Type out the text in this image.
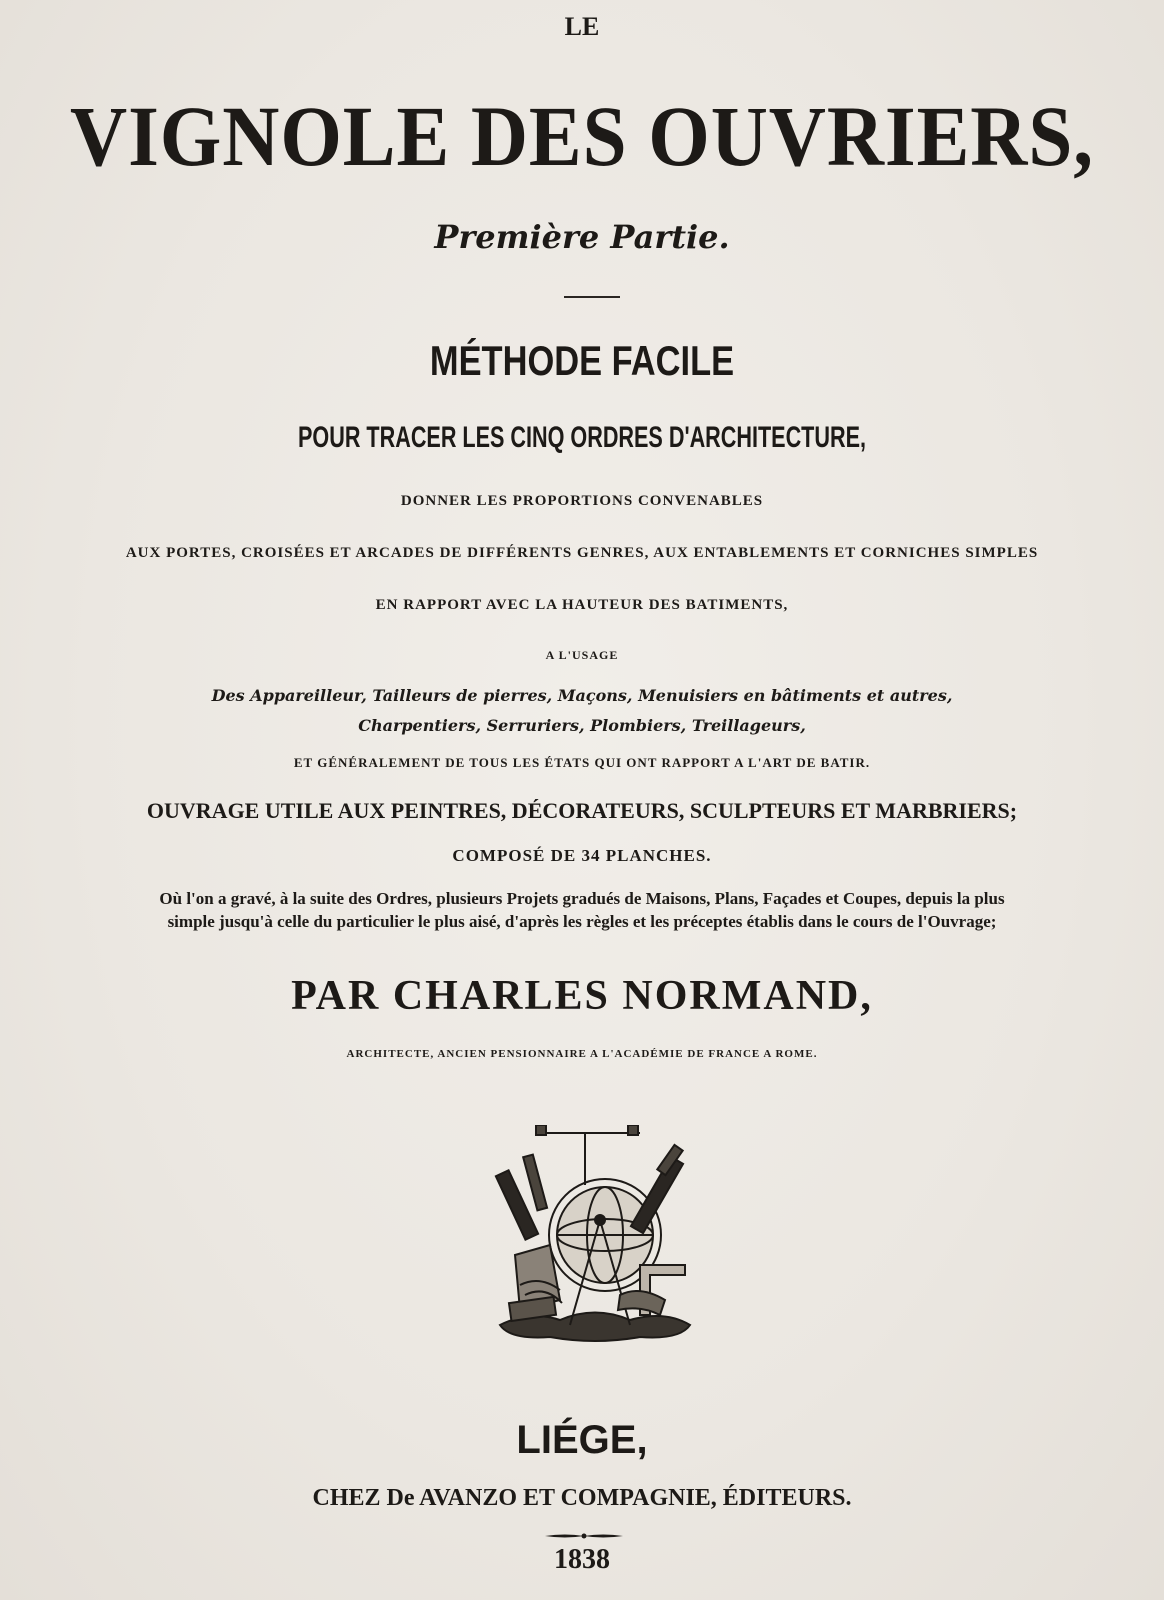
LE
VIGNOLE DES OUVRIERS,
Première Partie.
MÉTHODE FACILE
POUR TRACER LES CINQ ORDRES D'ARCHITECTURE,
DONNER LES PROPORTIONS CONVENABLES
AUX PORTES, CROISÉES ET ARCADES DE DIFFÉRENTS GENRES, AUX ENTABLEMENTS ET CORNICHES SIMPLES
EN RAPPORT AVEC LA HAUTEUR DES BATIMENTS,
A L'USAGE
Des Appareilleur, Tailleurs de pierres, Maçons, Menuisiers en bâtiments et autres,
Charpentiers, Serruriers, Plombiers, Treillageurs,
ET GÉNÉRALEMENT DE TOUS LES ÉTATS QUI ONT RAPPORT A L'ART DE BATIR.
OUVRAGE UTILE AUX PEINTRES, DÉCORATEURS, SCULPTEURS ET MARBRIERS;
COMPOSÉ DE 34 PLANCHES.
Où l'on a gravé, à la suite des Ordres, plusieurs Projets gradués de Maisons, Plans, Façades et Coupes, depuis la plus
simple jusqu'à celle du particulier le plus aisé, d'après les règles et les préceptes établis dans le cours de l'Ouvrage;
PAR CHARLES NORMAND,
ARCHITECTE, ANCIEN PENSIONNAIRE A L'ACADÉMIE DE FRANCE A ROME.
LIÉGE,
CHEZ De AVANZO ET COMPAGNIE, ÉDITEURS.
1838
